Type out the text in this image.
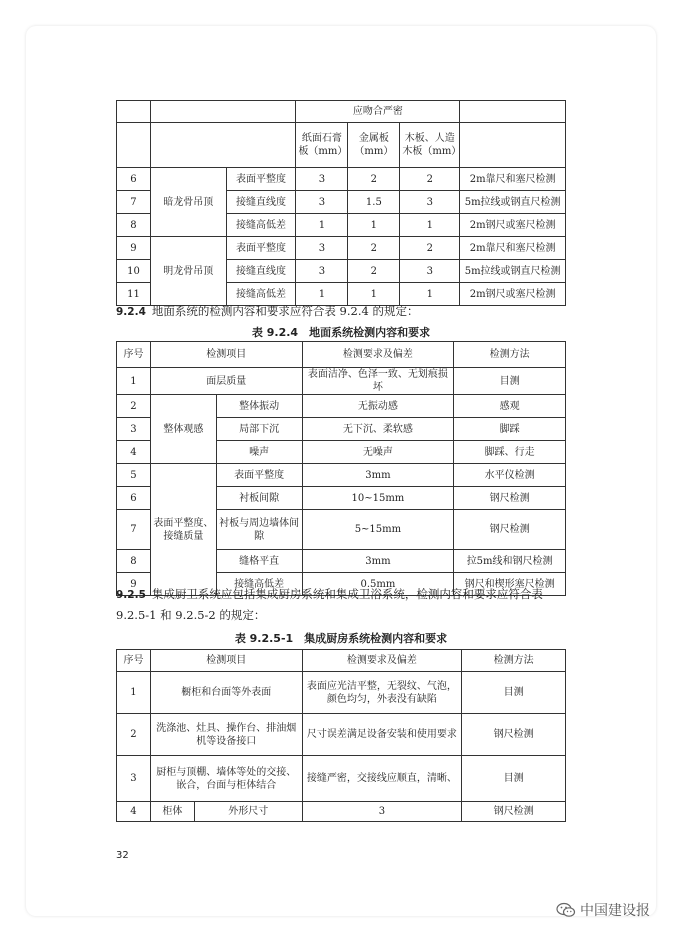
			应吻合严密			
			纸面石膏板（mm）	金属板（mm）	木板、人造木板（mm）	
6	暗龙骨吊顶	表面平整度	3	2	2	2m靠尺和塞尺检测
7		接缝直线度	3	1.5	3	5m拉线或钢直尺检测
8		接缝高低差	1	1	1	2m钢尺或塞尺检测
9	明龙骨吊顶	表面平整度	3	2	2	2m靠尺和塞尺检测
10		接缝直线度	3	2	3	5m拉线或钢直尺检测
11		接缝高低差	1	1	1	2m钢尺或塞尺检测
9.2.4 地面系统的检测内容和要求应符合表 9.2.4 的规定：
表 9.2.4　地面系统检测内容和要求
序号	检测项目		检测要求及偏差	检测方法
1	面层质量		表面洁净、色泽一致、无划痕损坏	目测
2	整体观感	整体振动	无振动感	感观
3		局部下沉	无下沉、柔软感	脚踩
4		噪声	无噪声	脚踩、行走
5	表面平整度、接缝质量	表面平整度	3mm	水平仪检测
6		衬板间隙	10~15mm	钢尺检测
7		衬板与周边墙体间隙	5~15mm	钢尺检测
8		缝格平直	3mm	拉5m线和钢尺检测
9		接缝高低差	0.5mm	钢尺和楔形塞尺检测
9.2.5 集成厨卫系统应包括集成厨房系统和集成卫浴系统，检测内容和要求应符合表
9.2.5-1 和 9.2.5-2 的规定：
表 9.2.5-1　集成厨房系统检测内容和要求
序号	检测项目		检测要求及偏差	检测方法
1	橱柜和台面等外表面		表面应光洁平整，无裂纹、气泡，颜色均匀，外表没有缺陷	目测
2	洗涤池、灶具、操作台、排油烟机等设备接口		尺寸误差满足设备安装和使用要求	钢尺检测
3	厨柜与顶棚、墙体等处的交接、嵌合，台面与柜体结合		接缝严密，交接线应顺直，清晰、	目测
4	柜体	外形尺寸	3	钢尺检测
32
中国建设报
